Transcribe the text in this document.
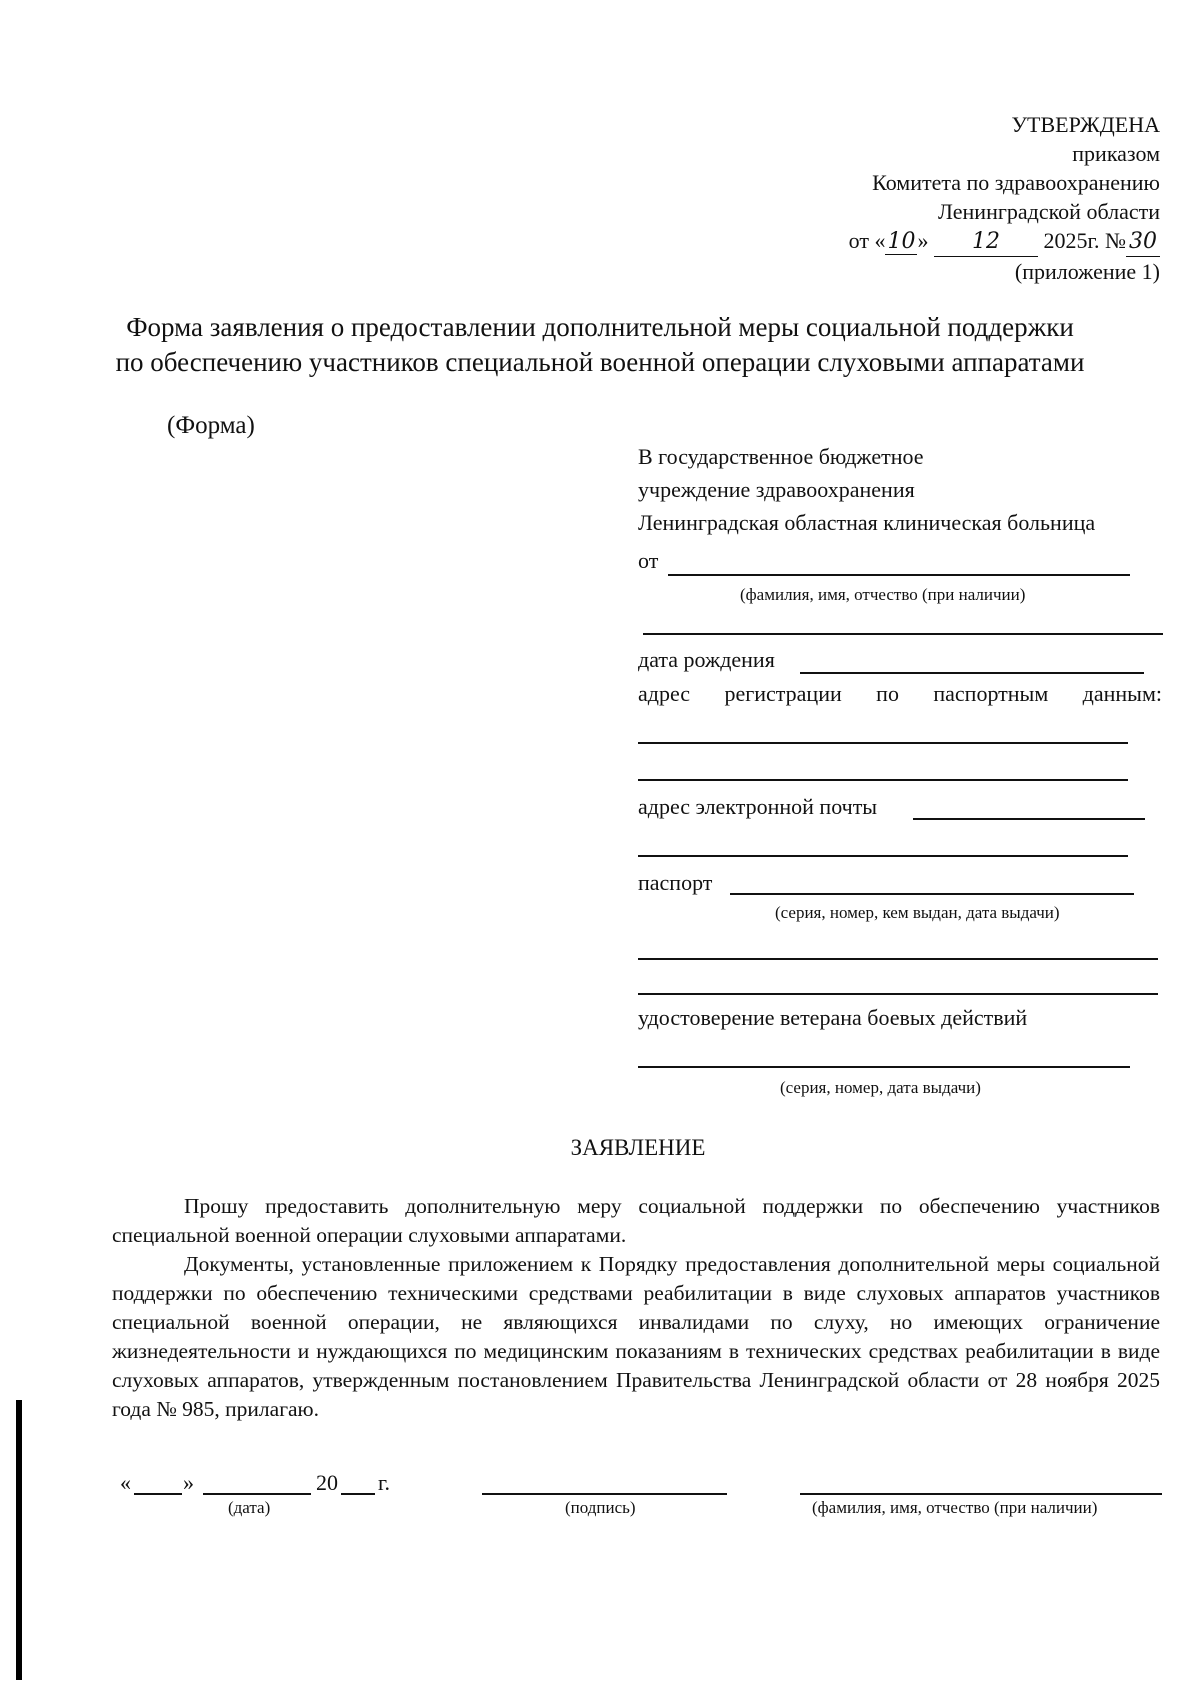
УТВЕРЖДЕНА
приказом
Комитета по здравоохранению
Ленинградской области
от «10» 12 2025г. № 30
(приложение 1)
Форма заявления о предоставлении дополнительной меры социальной поддержки
по обеспечению участников специальной военной операции слуховыми аппаратами
(Форма)
В государственное бюджетное
учреждение здравоохранения
Ленинградская областная клиническая больница
от
(фамилия, имя, отчество (при наличии)
дата рождения
адрес регистрации по паспортным данным:
адрес электронной почты
паспорт
(серия, номер, кем выдан, дата выдачи)
удостоверение ветерана боевых действий
(серия, номер, дата выдачи)
ЗАЯВЛЕНИЕ
Прошу предоставить дополнительную меру социальной поддержки по обеспечению участников специальной военной операции слуховыми аппаратами.
Документы, установленные приложением к Порядку предоставления дополнительной меры социальной поддержки по обеспечению техническими средствами реабилитации в виде слуховых аппаратов участников специальной военной операции, не являющихся инвалидами по слуху, но имеющих ограничение жизнедеятельности и нуждающихся по медицинским показаниям в технических средствах реабилитации в виде слуховых аппаратов, утвержденным постановлением Правительства Ленинградской области от 28 ноября 2025 года № 985, прилагаю.
« »	20 г.
(дата)	(подпись)	(фамилия, имя, отчество (при наличии)
